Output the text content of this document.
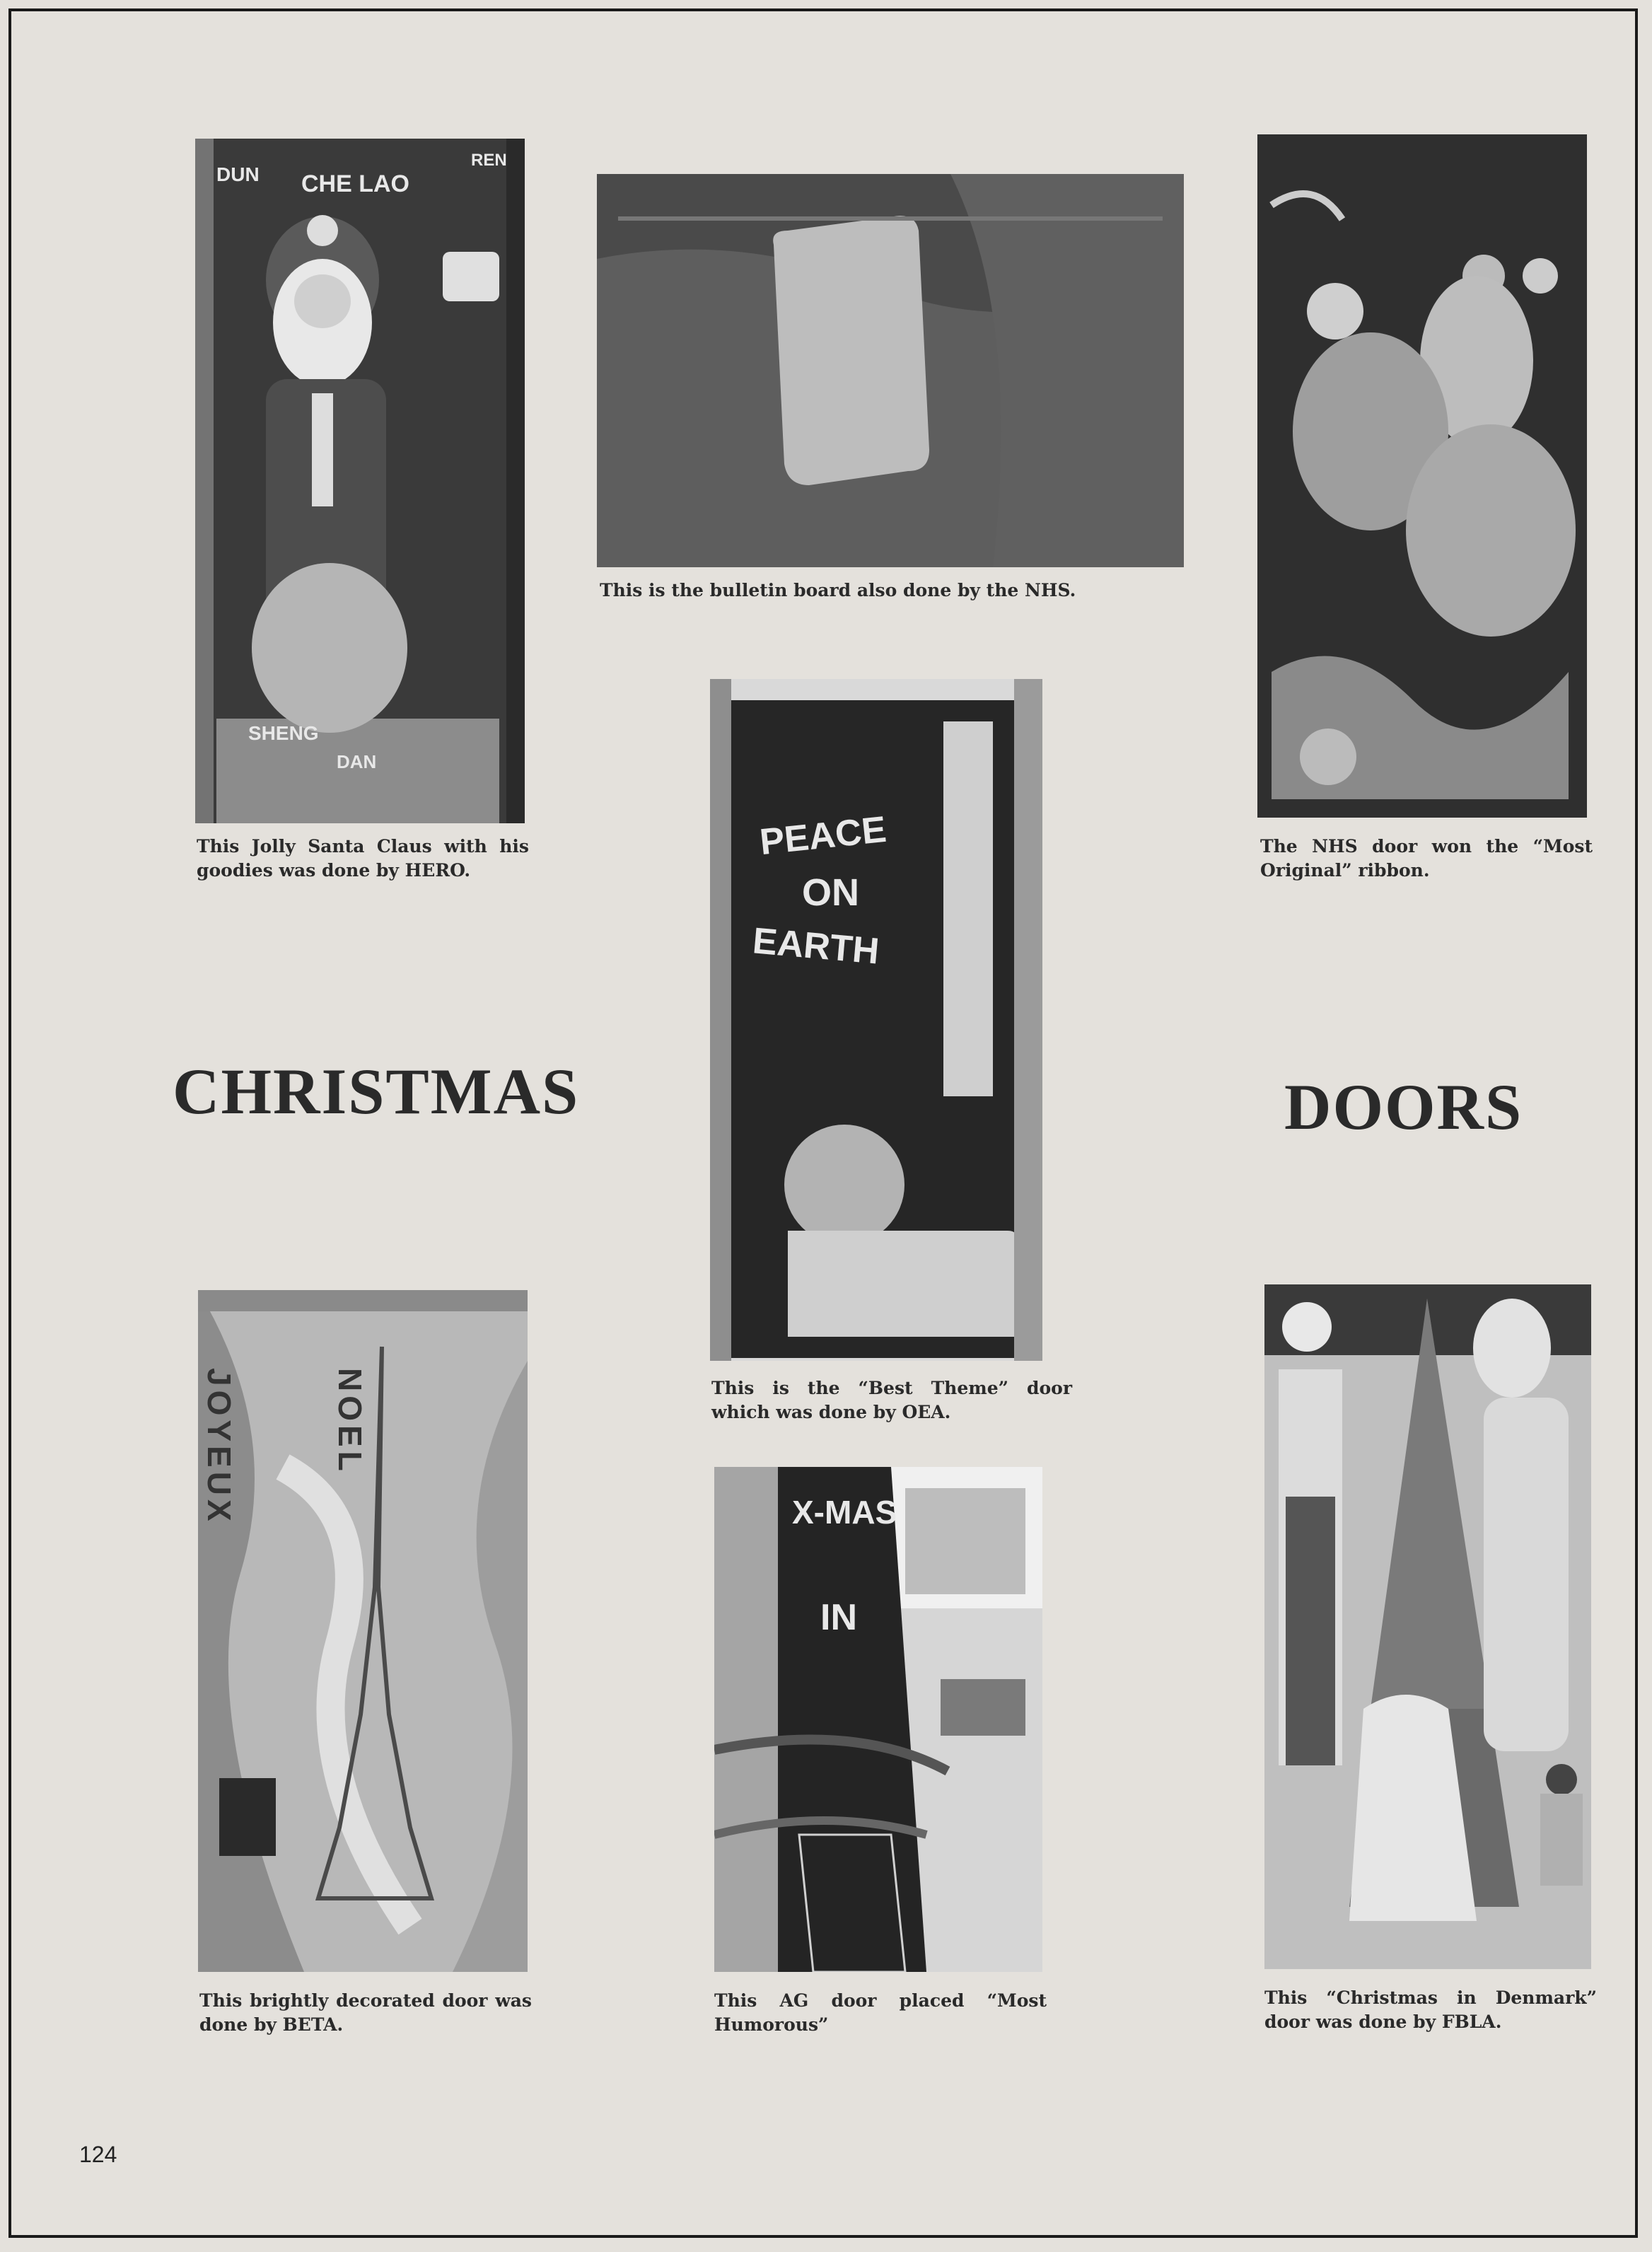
CHE LAO
DUN
REN
SHENG
DAN
This Jolly Santa Claus with his goodies was done by HERO.
This is the bulletin board also done by the NHS.
The NHS door won the “Most Original” ribbon.
PEACE
ON
EARTH
This is the “Best Theme” door which was done by OEA.
CHRISTMAS	DOORS
JOYEUX	NOEL
This brightly decorated door was done by BETA.
X-MAS
IN
This AG door placed “Most Humorous”
This “Christmas in Denmark” door was done by FBLA.
124
